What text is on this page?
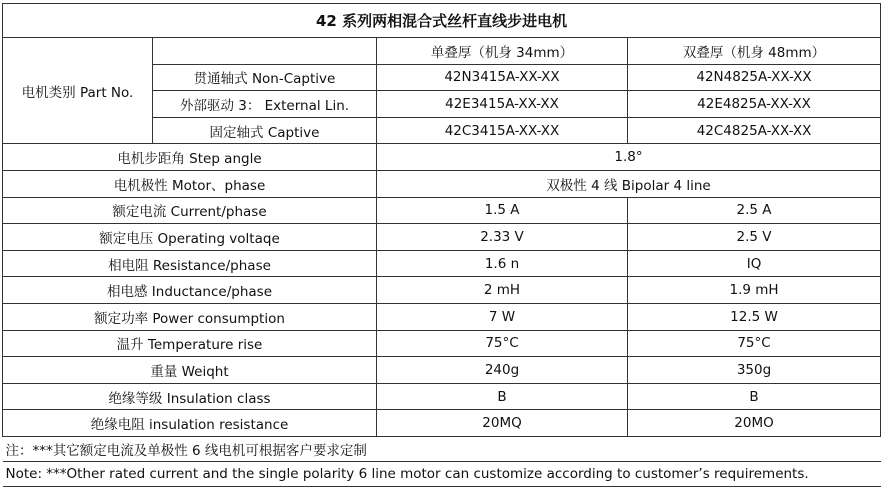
42 系列两相混合式丝杆直线步进电机			
电机类别 Part No.		单叠厚（机身 34mm）	双叠厚（机身 48mm）
	贯通轴式 Non-Captive	42N3415A-XX-XX	42N4825A-XX-XX
	外部驱动 3： External Lin.	42E3415A-XX-XX	42E4825A-XX-XX
	固定轴式 Captive	42C3415A-XX-XX	42C4825A-XX-XX
电机步距角 Step angle		1.8°	
电机极性 Motor、phase		双极性 4 线 Bipolar 4 line	
额定电流 Current/phase		1.5 A	2.5 A
额定电压 Operating voltaqe		2.33 V	2.5 V
相电阻 Resistance/phase		1.6 n	IQ
相电感 Inductance/phase		2 mH	1.9 mH
额定功率 Power consumption		7 W	12.5 W
温升 Temperature rise		75°C	75°C
重量 Weiqht		240g	350g
绝缘等级 Insulation class		B	B
绝缘电阻 insulation resistance		20MQ	20MO
注：***其它额定电流及单极性 6 线电机可根据客户要求定制			
Note: ***Other rated current and the single polarity 6 line motor can customize according to customer’s requirements.			
